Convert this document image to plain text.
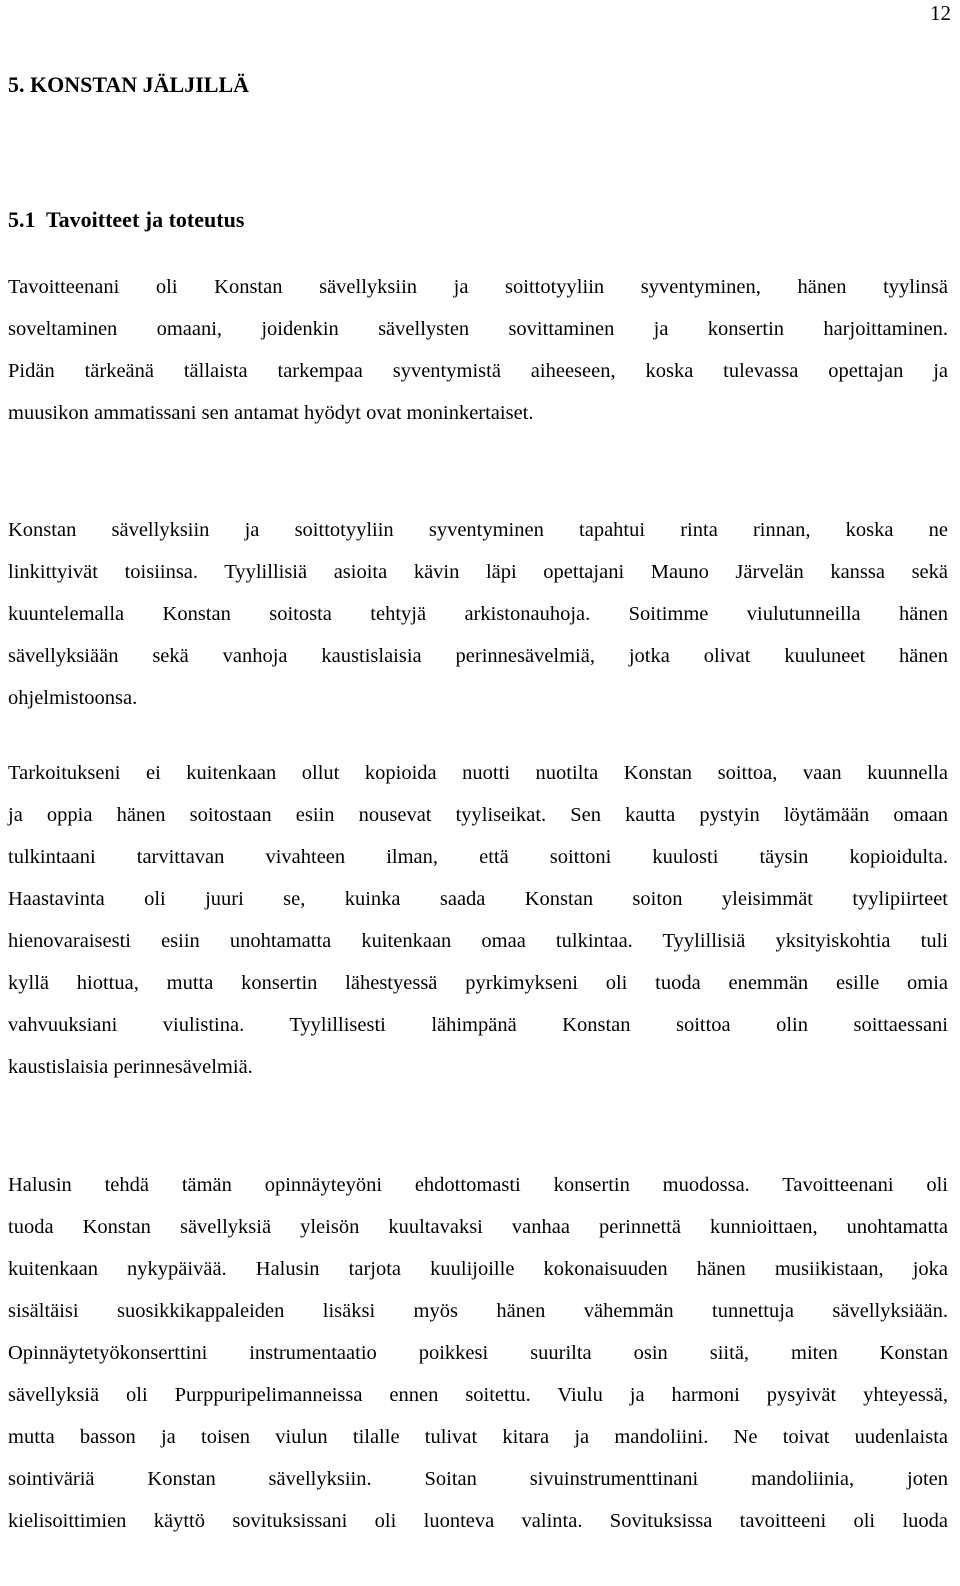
12
5. KONSTAN JÄLJILLÄ
5.1 Tavoitteet ja toteutus
Tavoitteenani oli Konstan sävellyksiin ja soittotyyliin syventyminen, hänen tyylinsä
soveltaminen omaani, joidenkin sävellysten sovittaminen ja konsertin harjoittaminen.
Pidän tärkeänä tällaista tarkempaa syventymistä aiheeseen, koska tulevassa opettajan ja
muusikon ammatissani sen antamat hyödyt ovat moninkertaiset.
Konstan sävellyksiin ja soittotyyliin syventyminen tapahtui rinta rinnan, koska ne
linkittyivät toisiinsa. Tyylillisiä asioita kävin läpi opettajani Mauno Järvelän kanssa sekä
kuuntelemalla Konstan soitosta tehtyjä arkistonauhoja. Soitimme viulutunneilla hänen
sävellyksiään sekä vanhoja kaustislaisia perinnesävelmiä, jotka olivat kuuluneet hänen
ohjelmistoonsa.
Tarkoitukseni ei kuitenkaan ollut kopioida nuotti nuotilta Konstan soittoa, vaan kuunnella
ja oppia hänen soitostaan esiin nousevat tyyliseikat. Sen kautta pystyin löytämään omaan
tulkintaani tarvittavan vivahteen ilman, että soittoni kuulosti täysin kopioidulta.
Haastavinta oli juuri se, kuinka saada Konstan soiton yleisimmät tyylipiirteet
hienovaraisesti esiin unohtamatta kuitenkaan omaa tulkintaa. Tyylillisiä yksityiskohtia tuli
kyllä hiottua, mutta konsertin lähestyessä pyrkimykseni oli tuoda enemmän esille omia
vahvuuksiani viulistina. Tyylillisesti lähimpänä Konstan soittoa olin soittaessani
kaustislaisia perinnesävelmiä.
Halusin tehdä tämän opinnäyteyöni ehdottomasti konsertin muodossa. Tavoitteenani oli
tuoda Konstan sävellyksiä yleisön kuultavaksi vanhaa perinnettä kunnioittaen, unohtamatta
kuitenkaan nykypäivää. Halusin tarjota kuulijoille kokonaisuuden hänen musiikistaan, joka
sisältäisi suosikkikappaleiden lisäksi myös hänen vähemmän tunnettuja sävellyksiään.
Opinnäytetyökonserttini instrumentaatio poikkesi suurilta osin siitä, miten Konstan
sävellyksiä oli Purppuripelimanneissa ennen soitettu. Viulu ja harmoni pysyivät yhteyessä,
mutta basson ja toisen viulun tilalle tulivat kitara ja mandoliini. Ne toivat uudenlaista
sointiväriä Konstan sävellyksiin. Soitan sivuinstrumenttinani mandoliinia, joten
kielisoittimien käyttö sovituksissani oli luonteva valinta. Sovituksissa tavoitteeni oli luoda
